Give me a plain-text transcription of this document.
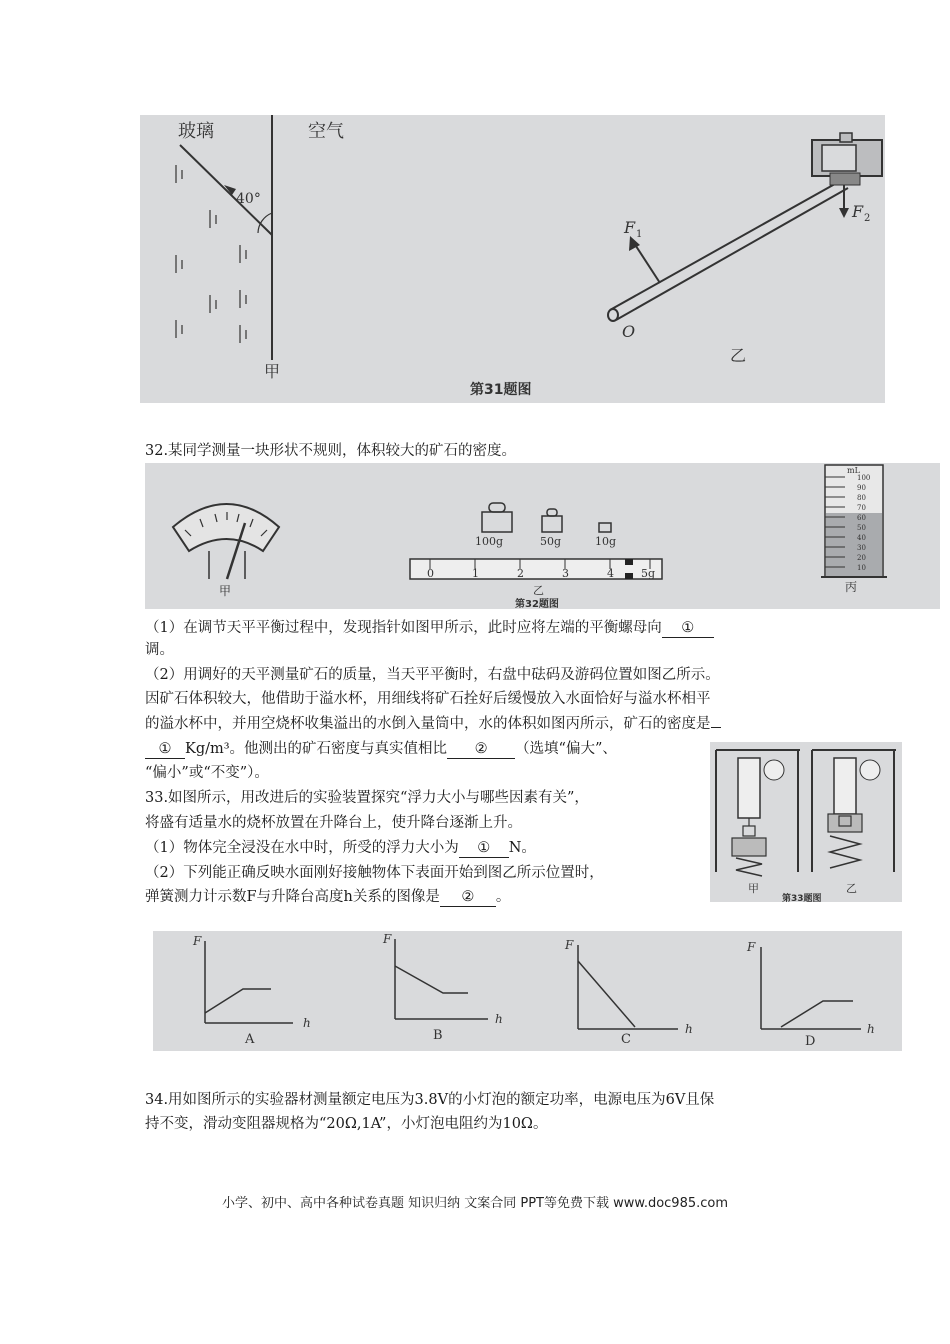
玻璃	空气
40°
甲
F 1
F 2
O
乙
第31题图
32.某同学测量一块形状不规则，体积较大的矿石的密度。
甲
100g	50g	10g
0	1	2	3	4 5g
乙
第32题图
mL
100
90
80
70
60
50
40
30
20
10
丙
（1）在调节天平平衡过程中，发现指针如图甲所示，此时应将左端的平衡螺母向 ①
调。
（2）用调好的天平测量矿石的质量，当天平平衡时，右盘中砝码及游码位置如图乙所示。
因矿石体积较大，他借助于溢水杯，用细线将矿石拴好后缓慢放入水面恰好与溢水杯相平
的溢水杯中，并用空烧杯收集溢出的水倒入量筒中，水的体积如图丙所示，矿石的密度是
① Kg/m³。他测出的矿石密度与真实值相比 ② （选填“偏大”、
“偏小”或“不变”）。
33.如图所示，用改进后的实验装置探究“浮力大小与哪些因素有关”，
将盛有适量水的烧杯放置在升降台上，使升降台逐渐上升。
（1）物体完全浸没在水中时，所受的浮力大小为 ① N。
（2）下列能正确反映水面刚好接触物体下表面开始到图乙所示位置时，
弹簧测力计示数F与升降台高度h关系的图像是 ② 。
甲	乙
第33题图
F
h
A
F
h
B
F
h
C
F
h
D
34.用如图所示的实验器材测量额定电压为3.8V的小灯泡的额定功率，电源电压为6V且保
持不变，滑动变阻器规格为“20Ω,1A”，小灯泡电阻约为10Ω。
小学、初中、高中各种试卷真题 知识归纳 文案合同 PPT等免费下载 www.doc985.com
